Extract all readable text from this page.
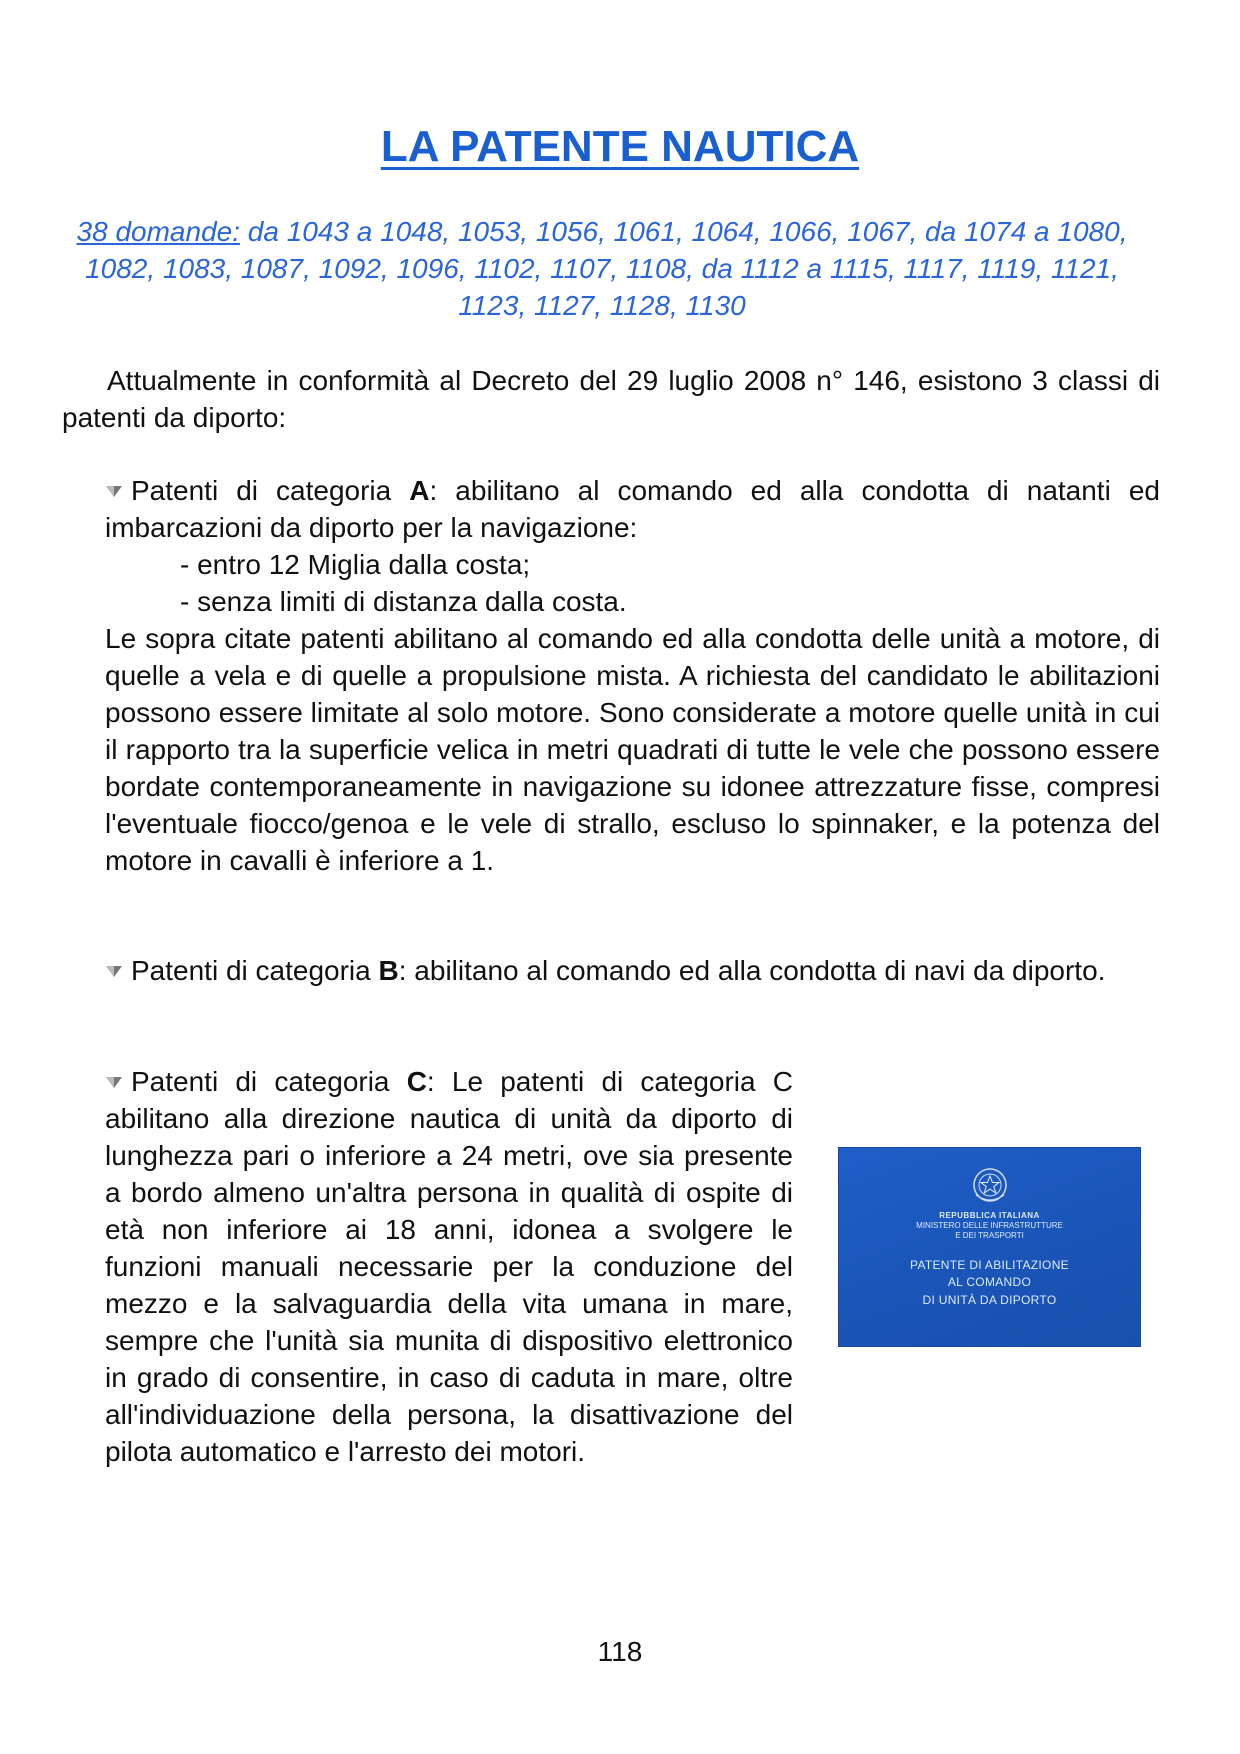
LA PATENTE NAUTICA

38 domande: da 1043 a 1048, 1053, 1056, 1061, 1064, 1066, 1067, da 1074 a 1080, 1082, 1083, 1087, 1092, 1096, 1102, 1107, 1108, da 1112 a 1115, 1117, 1119, 1121, 1123, 1127, 1128, 1130

Attualmente in conformità al Decreto del 29 luglio 2008 n° 146, esistono 3 classi di patenti da diporto:

Patenti di categoria A: abilitano al comando ed alla condotta di natanti ed imbarcazioni da diporto per la navigazione:

- entro 12 Miglia dalla costa;
- senza limiti di distanza dalla costa.

Le sopra citate patenti abilitano al comando ed alla condotta delle unità a motore, di quelle a vela e di quelle a propulsione mista. A richiesta del candidato le abilitazioni possono essere limitate al solo motore. Sono considerate a motore quelle unità in cui il rapporto tra la superficie velica in metri quadrati di tutte le vele che possono essere bordate contemporaneamente in navigazione su idonee attrezzature fisse, compresi l'eventuale fiocco/genoa e le vele di strallo, escluso lo spinnaker, e la potenza del motore in cavalli è inferiore a 1.

Patenti di categoria B: abilitano al comando ed alla condotta di navi da diporto.

Patenti di categoria C: Le patenti di categoria C abilitano alla direzione nautica di unità da diporto di lunghezza pari o inferiore a 24 metri, ove sia presente a bordo almeno un'altra persona in qualità di ospite di età non inferiore ai 18 anni, idonea a svolgere le funzioni manuali necessarie per la conduzione del mezzo e la salvaguardia della vita umana in mare, sempre che l'unità sia munita di dispositivo elettronico in grado di consentire, in caso di caduta in mare, oltre all'individuazione della persona, la disattivazione del pilota automatico e l'arresto dei motori.

REPUBBLICA ITALIANA
MINISTERO DELLE INFRASTRUTTURE
E DEI TRASPORTI
PATENTE DI ABILITAZIONE
AL COMANDO
DI UNITÀ DA DIPORTO

118
